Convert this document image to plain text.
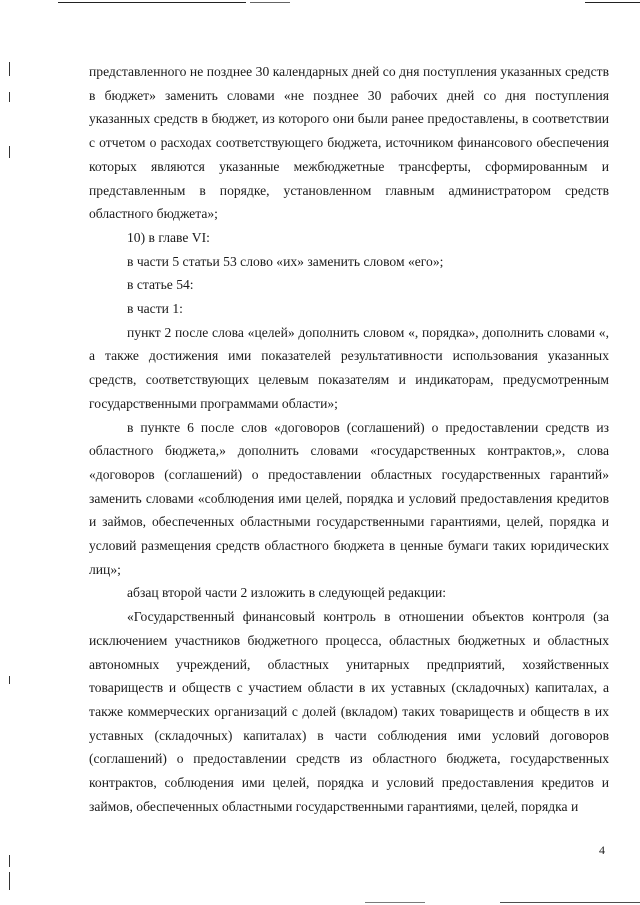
представленного не позднее 30 календарных дней со дня поступления указанных средств в бюджет» заменить словами «не позднее 30 рабочих дней со дня поступления указанных средств в бюджет, из которого они были ранее предоставлены, в соответствии с отчетом о расходах соответствующего бюджета, источником финансового обеспечения которых являются указанные межбюджетные трансферты, сформированным и представленным в порядке, установленном главным администратором средств областного бюджета»;

10) в главе VI:

в части 5 статьи 53 слово «их» заменить словом «его»;

в статье 54:

в части 1:

пункт 2 после слова «целей» дополнить словом «, порядка», дополнить словами «, а также достижения ими показателей результативности использования указанных средств, соответствующих целевым показателям и индикаторам, предусмотренным государственными программами области»;

в пункте 6 после слов «договоров (соглашений) о предоставлении средств из областного бюджета,» дополнить словами «государственных контрактов,», слова «договоров (соглашений) о предоставлении областных государственных гарантий» заменить словами «соблюдения ими целей, порядка и условий предоставления кредитов и займов, обеспеченных областными государственными гарантиями, целей, порядка и условий размещения средств областного бюджета в ценные бумаги таких юридических лиц»;

абзац второй части 2 изложить в следующей редакции:

«Государственный финансовый контроль в отношении объектов контроля (за исключением участников бюджетного процесса, областных бюджетных и областных автономных учреждений, областных унитарных предприятий, хозяйственных товариществ и обществ с участием области в их уставных (складочных) капиталах, а также коммерческих организаций с долей (вкладом) таких товариществ и обществ в их уставных (складочных) капиталах) в части соблюдения ими условий договоров (соглашений) о предоставлении средств из областного бюджета, государственных контрактов, соблюдения ими целей, порядка и условий предоставления кредитов и займов, обеспеченных областными государственными гарантиями, целей, порядка и

4
